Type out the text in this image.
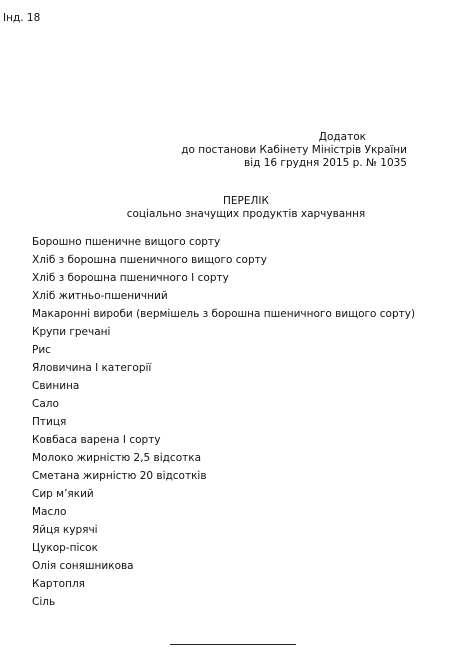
Інд. 18
Додаток
до постанови Кабінету Міністрів України
від 16 грудня 2015 р. № 1035
ПЕРЕЛІК
соціально значущих продуктів харчування
Борошно пшеничне вищого сорту
Хліб з борошна пшеничного вищого сорту
Хліб з борошна пшеничного I сорту
Хліб житньо-пшеничний
Макаронні вироби (вермішель з борошна пшеничного вищого сорту)
Крупи гречані
Рис
Яловичина I категорії
Свинина
Сало
Птиця
Ковбаса варена I сорту
Молоко жирністю 2,5 відсотка
Сметана жирністю 20 відсотків
Сир м’який
Масло
Яйця курячі
Цукор-пісок
Олія соняшникова
Картопля
Сіль
